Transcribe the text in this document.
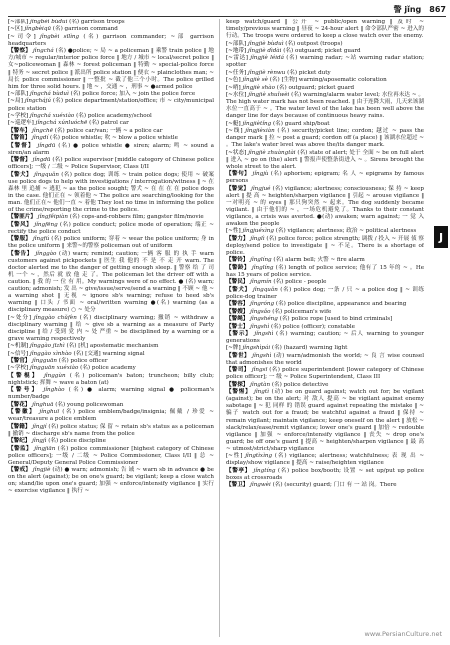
警 jǐng 867

[~部队] jǐngbèi bùduì (名) garrison troops

[~区] jǐngbèiqū (名) garrison command

[~司令] jǐngbèi sīlìng (名) garrison commander; ~部 garrison headquarters

【警察】 jǐngchá (名) ●police; ~ 局 ~ a policeman ‖ 乘警 train police ‖ 地方/城市 ~ regular/interior police force ‖ 地方 / 城市 ~ local/secret police ‖ 女~policewoman ‖ 森林 ~ forest policeman ‖ 特勤 ~ special-police force ‖ 特务 ~ secret police ‖ 派出所 police station ‖ 便衣 ~ plainclothes man; ~ 局长 police commissioner ‖ 一整批 ~ 截了他三个小时。The police grilled him for three solid hours. ‖ 地 ~ ，交通 ~ ，刑事 ~ ●armed police

[~部队] jǐngchá bùduì (名) police force; 加入 ~ join the police force

[~局] jǐngchájú (名) police department/station/office; 市 ~ city/municipal police station

[~学校] jǐngchá xuéxiào (名) police academy/school

[~巡逻车] jǐngchá xúnluóchē (名) patrol car

【警车】 jǐngchē (名) police car/van; 一辆 ~ a police car

【警笛】 jǐngdí (名) police whistle; 吹 ~ blow a police whistle

【警督】 jǐngdū (名) ● police whistle ● siren; alarm; 鸣 ~ sound a siren/an alarm

【警督】 jǐngdū (名) police supervisor [middle category of Chinese police officers]; 一级 / 二级 ~ Police Supervisor, Class I/II

【警犬】 jǐngquǎn (名) police dog; 训练 ~ train police dogs; 使用 ~ 破案 use police dogs to help with investigations / interrogation/witness ‖ ~ 在 森林 里 追捕 ~ 逃犯 ~ as the police sought; 警犬 ~ 在 在 在 在 police dogs in the case. 他们正在 ~ 领着他 ~ The police are searching/looking for the man. 他们正在~ 他们一直 ~ 着他 They lost no time in informing the police of the crime/reporting the crime to the police.

【警匪片】 jǐngfěipiàn (名) cops-and-robbers film; gangster film/movie

【警风】 jǐngfēng (名) police conduct; police mode of operation; 端正 ~ rectify the police conduct

【警服】 jǐngfú (名) police uniform; 穿着 ~ wear the police uniform; 身 in the police uniform ‖ 来警~的警察 policeman out of uniform

【警告】 jǐnggào (动) warn; remind; caution; 一辆 客 服 的 执 手 warn customers against pickpockets ‖ 医生 我 他的 不 是 不 走 开 warn. The doctor alerted me to the danger of getting enough sleep. ‖ 警察 给 了 司机 一个 ~ ，然后 就 放 他 走 了。The policeman let the driver off with a caution. ‖ 我 的 一 位 有 用。My warnings were of no effect. ● (名) warn; caution; admonish; 发 出 ~ give/issue/serve/send a warning ‖ 不顾 ~ 他 ~ a warning shot ‖ 无视 ~ ignore sb's warning; refuse to heed sb's warning ‖ 口头 / 书面 ~ oral/written warning ●(名) warning (as a disciplinary measure) ○ ~ 处分

[~处分] jǐnggào chǔfèn (名) disciplinary warning; 撤销 ~ withdraw a disciplinary warning ‖ 给 ~ give sb a warning as a measure of Party discipline ‖ 给 / 受到 党 内 ~ 处 严重 ~ be disciplined by a warning or a grave warning respectively

[~机制] jǐnggào jīzhì (名) [机] apostematic mechanism

[~信号] jǐnggào xìnhào (名) [交通] warning signal

【警官】 jǐngguān (名) police officer

[~学校] jǐngguān xuéxiào (名) police academy

【警棍】 jǐnggùn (名) policeman's baton; truncheon; billy club; nightstick; 挥舞 ~ wave a baton (at)

【警号】 jǐnghào (名) ● alarm; warning signal ● policeman's number/badge

【警花】 jǐnghuā (名) young policewoman

【警徽】 jǐnghuī (名) police emblem/badge/insignia; 佩戴 / 珍爱 ~ wear/treasure a police emblem

【警籍】 jǐngjí (名) police status; 保 留 ~ retain sb's status as a policeman ‖ 撤销 ~ discharge sb's name from the police

【警纪】 jǐngjì (名) police discipline

【警监】 jǐngjiān (名) police commissioner [highest category of Chinese police officers]; 一级 / 二级 ~ Police Commissioner, Class I/II ‖ 总 ~ General/Deputy General Police Commissioner

【警戒】 jǐngjiè (动) ● warn; admonish; 告 诫 ~ warn sb in advance ● be on the alert (against); be on one's guard; be vigilant; keep a close watch on; stand/lie upon one's guard; 加强 ~ enforce/intensify vigilance ‖ 实行 ~ exercise vigilance ‖ 执行 ~

keep watch/guard ‖ 公开 ~ public/open warning ‖ 及时 ~ timely/previous warning ‖ 昼夜 ~ 24-hour alert ‖ 命令部队严密 ~ 进入的行动。The troops were ordered to keep a close watch over the enemy.

[~部队] jǐngjiè bùduì (名) outpost (troops)

[~地带] jǐngjiè dìdài (名) outguard; picket guard

[~雷达] jǐngjiè léidá (名) warning radar; ~站 warning radar station; spotter

[~任务] jǐngjiè rènwu (名) picket duty

[~色] jǐngjiè sè (名) [生物] warning/aposematic coloration

[~哨] jǐngjiè shào (名) outguard; picket guard

[~水位] jǐngjiè shuǐwèi (名) warning/alarm water level; 水位再未达 ~ 。The high water mark has not been reached. ‖ 由于连降大雨，几天来该湖水位一直高于 ~ 。The water level of the lake has been well above the danger line for days because of continuous heavy rains.

[~艇] jǐngjiètǐng (名) guard ship/boat

[~线] jǐngjièxiàn (名) security/picket line; cordon; 越过 ~ pass the danger mark ‖ 拉 ~ post a guard; cordon off (a place) ‖ 该湖水位超过 ~ 。The lake's water level was above the/its danger mark.

[~状态] jǐngjiè zhuàngtài (名) state of alert; 处于 全面 ~ be on full alert ‖ 进入 ~ go on (the) alert ‖ 警报声使整条街进入 ~ 。Sirens brought the whole street to the alert.

【警句】 jǐngjù (名) aphorism; epigram; 名 人 ~ epigrams by famous persons

【警觉】 jǐngjué (名) vigilance; alertness; consciousness; 保 持 ~ keep alert ‖ 提 高 ~ heighten/sharpen vigilance ‖ 引起 ~ arouse vigilance ‖ 一对明亮 ~ 的 eyes ‖ 那只狗突然 ~ 起来。The dog suddenly became vigilant. ‖ 由于他们的 ~ ，一场危机避免了。Thanks to their constant vigilance, a crisis was averted. ●(动) awaken; warn against; 一 觉 入 awaken the people

[~性] jǐngjuéxìng (名) vigilance; alertness; 政治 ~ political alertness

【警力】 jǐnglì (名) police force; police strength; 调拨 / 投入 ~ 开展 侦 察 deploy/send police to investigate ‖ ~ 不足。There is a shortage of police.

【警铃】 jǐnglíng (名) alarm bell; 火警 ~ fire alarm

【警龄】 jǐnglíng (名) length of police service; 他有了 15 年的 ~ 。He has 15 years of police service.

【警民】 jǐngmín (名) police - people

【警犬】 jǐngquǎn (名) police dog; 一条 / 只 ~ a police dog ‖ ~ 训练 police-dog trainer

【警容】 jǐngróng (名) police discipline, appearance and bearing

【警嫂】 jǐngsǎo (名) policeman's wife

【警绳】 jǐngshéng (名) police rope [used to bind criminals]

【警士】 jǐngshì (名) police (officer); constable

【警示】 jǐngshì (名) warning; caution; ~ 后人 warning to younger generations

[~牌] jǐngshìpái (名) (hazard) warning light

【警世】 jǐngshì (动) warn/admonish the world; ~ 良 言 wise counsel that admonishes the world

【警司】 jǐngsī (名) police superintendent [lower category of Chinese police officer]; 一 级 ~ Police Superintendent, Class III

【警探】 jǐngtàn (名) police detective

【警惕】 jǐngtì (动) be on guard against; watch out for; be vigilant (against); be on the alert; 对 敌人 提高 ~ be vigilant against enemy sabotage ‖ ~ 犯 同样 的 错误 guard against repeating the mistake ‖ ~ 骗子 watch out for a fraud; be watchful against a fraud ‖ 保持 ~ remain vigilant; maintain vigilance; keep oneself on the alert ‖ 放松 ~ slack/relax/ease/remit vigilance; lower one's guard ‖ 加倍 ~ redouble vigilance ‖ 加强 ~ enforce/intensify vigilance ‖ 丧失 ~ drop one's guard; be off one's guard ‖ 提高 ~ heighten/sharpen vigilance ‖ 最 高 ~ utmost/strict/sharp vigilance

[~性] jǐngtìxìng (名) vigilance; alertness; watchfulness; 表 现 出 ~ display/show vigilance ‖ 提高 ~ raise/heighten vigilance

【警亭】 jǐngtíng (名) police box/booth; 设置 ~ set up/put up police boxes at crossroads

【警卫】 jǐngwèi (名) (security) guard; 门口 有 一 站 岗。There

J
www.PersianCulture.net
